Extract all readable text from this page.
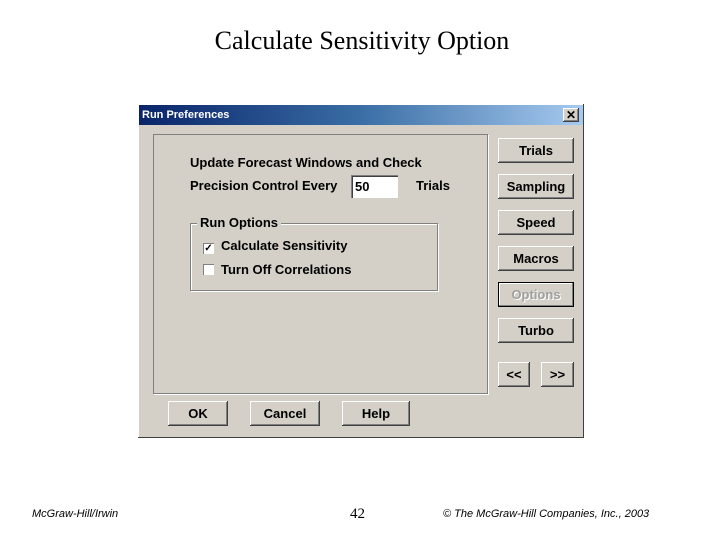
Calculate Sensitivity Option
Run Preferences	✕
Update Forecast Windows and Check
Precision Control Every
50	Trials
Run Options
✓ Calculate Sensitivity
Turn Off Correlations
Trials
Sampling
Speed
Macros
Options
Turbo
<<	>>
OK	Cancel	Help
McGraw-Hill/Irwin	42	© The McGraw-Hill Companies, Inc., 2003
